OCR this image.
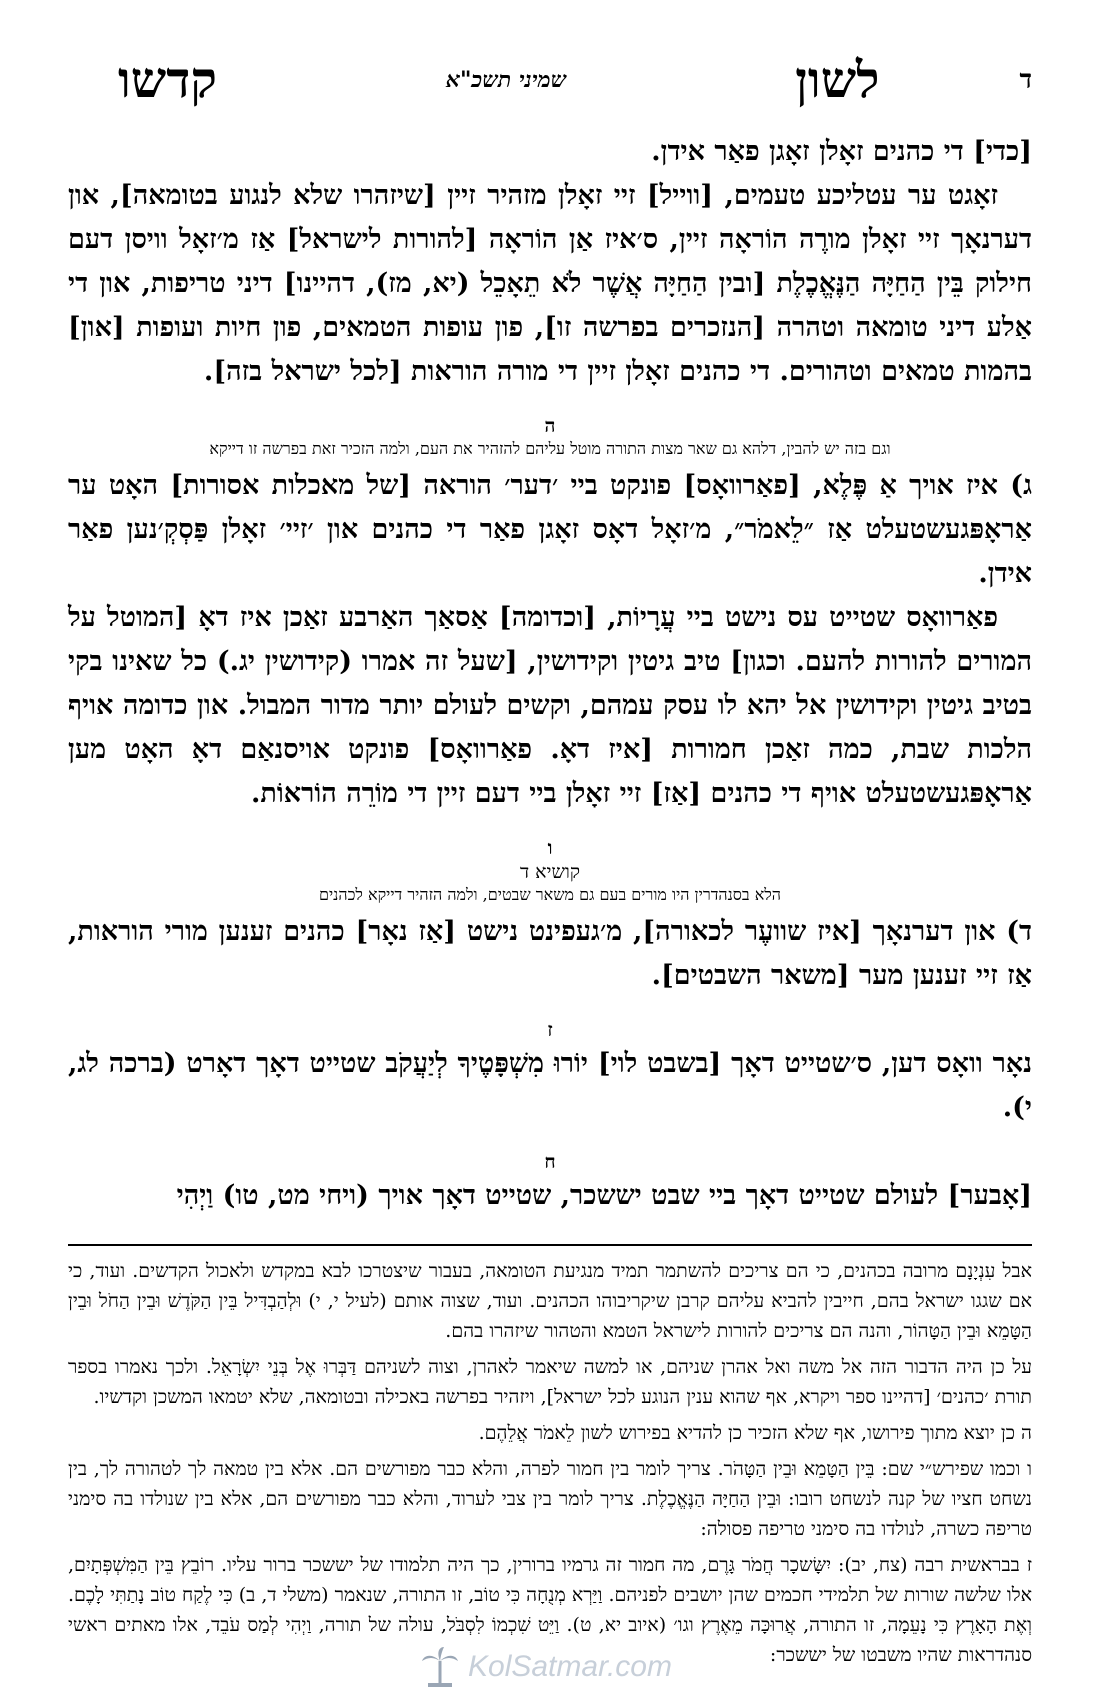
ד
לשון
שמיני תשכ"א
קדשו

[כדי] די כהנים זאָלן זאָגן פאַר אידן.

זאָגט ער עטליכע טעמים, [ווייל] זיי זאָלן מזהיר זיין [שיזהרו שלא לנגוע בטומאה], און דערנאָך זיי זאָלן מורֶה הוֹראָה זיין, ס׳איז אַן הוֹראָה [להורות לישראל] אַז מ׳זאָל וויסן דעם חילוק בֵּין הַחַיָּה הַנֶּאֱכֶלֶת [ובין הַחַיָּה אֲשֶׁר לֹא תֵאָכֵל (יא, מז), דהיינו] דיני טריפות, און די אַלע דיני טומאה וטהרה [הנזכרים בפרשה זו], פון עופות הטמאים, פון חיות ועופות [און] בהמות טמאים וטהורים. די כהנים זאָלן זיין די מורה הוראות [לכל ישראל בזה].

ה
וגם בזה יש להבין, דלהא גם שאר מצות התורה מוטל עליהם להזהיר את העם, ולמה הזכיר זאת בפרשה זו דייקא

ג) איז אויך אַ פֶּלֶא, [פאַרוואָס] פונקט ביי ׳דער׳ הוראה [של מאכלות אסורות] האָט ער אַראָפּגעשטעלט אַז ״לֵאמֹר״, מ׳זאָל דאָס זאָגן פאַר די כהנים און ׳זיי׳ זאָלן פַּסְקְ׳נען פאַר אידן.

פאַרוואָס שטייט עס נישט ביי עֲרָיוֹת, [וכדומה] אַסאַך האַרבע זאַכן איז דאָ [המוטל על המורים להורות להעם. וכגון] טיב גיטין וקידושין, [שעל זה אמרו (קידושין יג.) כל שאינו בקי בטיב גיטין וקידושין אל יהא לו עסק עמהם, וקשים לעולם יותר מדור המבול. און כדומה אויף הלכות שבת, כמה זאַכן חמורות [איז דאָ. פאַרוואָס] פונקט אויסנאַם דאָ האָט מען אַראָפּגעשטעלט אויף די כהנים [אַז] זיי זאָלן ביי דעם זיין די מוֹרֵה הוֹראוֹת.

ו
קושיא ד
הלא בסנהדרין היו מורים בעם גם משאר שבטים, ולמה הזהיר דייקא לכהנים

ד) און דערנאָך [איז שוועֶר לכאורה], מ׳געפינט נישט [אַז נאָר] כהנים זענען מורי הוראות, אַז זיי זענען מער [משאר השבטים].

ז

נאָר וואָס דען, ס׳שטייט דאָך [בשבט לוי] יוֹרוּ מִשְׁפָּטֶיךָ לְיַעֲקֹב שטייט דאָך דאָרט (ברכה לג, י).

ח

[אָבער] לעולם שטייט דאָך ביי שבט יששכר, שטייט דאָך אויך (ויחי מט, טו) וַיְהִי

אבל עִנְיָנָם מרובה בכהנים, כי הם צריכים להשתמר תמיד מנגיעת הטומאה, בעבור שיצטרכו לבא במקדש ולאכול הקדשים. ועוד, כי אם שגגו ישראל בהם, חייבין להביא עליהם קרבן שיקריבוהו הכהנים. ועוד, שצוה אותם (לעיל י, י) וּלְהַבְדִּיל בֵּין הַקֹּדֶשׁ וּבֵין הַחֹל וּבֵין הַטָּמֵא וּבֵין הַטָּהוֹר, והנה הם צריכים להורות לישראל הטמא והטהור שיזהרו בהם.

על כן היה הדבור הזה אל משה ואל אהרן שניהם, או למשה שיאמר לאהרן, וצוה לשניהם דַּבְּרוּ אֶל בְּנֵי יִשְׂרָאֵל. ולכך נאמרו בספר תורת ׳כהנים׳ [דהיינו ספר ויקרא, אף שהוא ענין הנוגע לכל ישראל], ויזהיר בפרשה באכילה ובטומאה, שלא יטמאו המשכן וקדשיו.

ה כן יוצא מתוך פירושו, אף שלא הזכיר כן להדיא בפירוש לשון לֵאמֹר אֲלֵהֶם.

ו וכמו שפירש״י שם: בֵּין הַטָּמֵא וּבֵין הַטָּהֹר. צריך לומר בין חמור לפרה, והלא כבר מפורשים הם. אלא בין טמאה לך לטהורה לך, בין נשחט חציו של קנה לנשחט רובו: וּבֵין הַחַיָּה הַנֶּאֱכֶלֶת. צריך לומר בין צבי לערוד, והלא כבר מפורשים הם, אלא בין שנולדו בה סימני טריפה כשרה, לנולדו בה סימני טריפה פסולה:

ז בבראשית רבה (צח, יב): יִשָּׂשכָר חֲמֹר גָּרֶם, מה חמור זה גרמיו ברורין, כך היה תלמודו של יששכר ברור עליו. רוֹבֵץ בֵּין הַמִּשְׁפְּתָיִם, אלו שלשה שורות של תלמידי חכמים שהן יושבים לפניהם. וַיַּרְא מְנֻחָה כִּי טוֹב, זו התורה, שנאמר (משלי ד, ב) כִּי לֶקַח טוֹב נָתַתִּי לָכֶם. וְאֶת הָאָרֶץ כִּי נָעֵמָה, זו התורה, אֲרוּכָּה מֵאֶרֶץ וגו׳ (איוב יא, ט). וַיֵּט שִׁכְמוֹ לִסְבֹּל, עולה של תורה, וַיְהִי לְמַס עֹבֵד, אלו מאתים ראשי סנהדראות שהיו משבטו של יששכר:

KolSatmar.com
